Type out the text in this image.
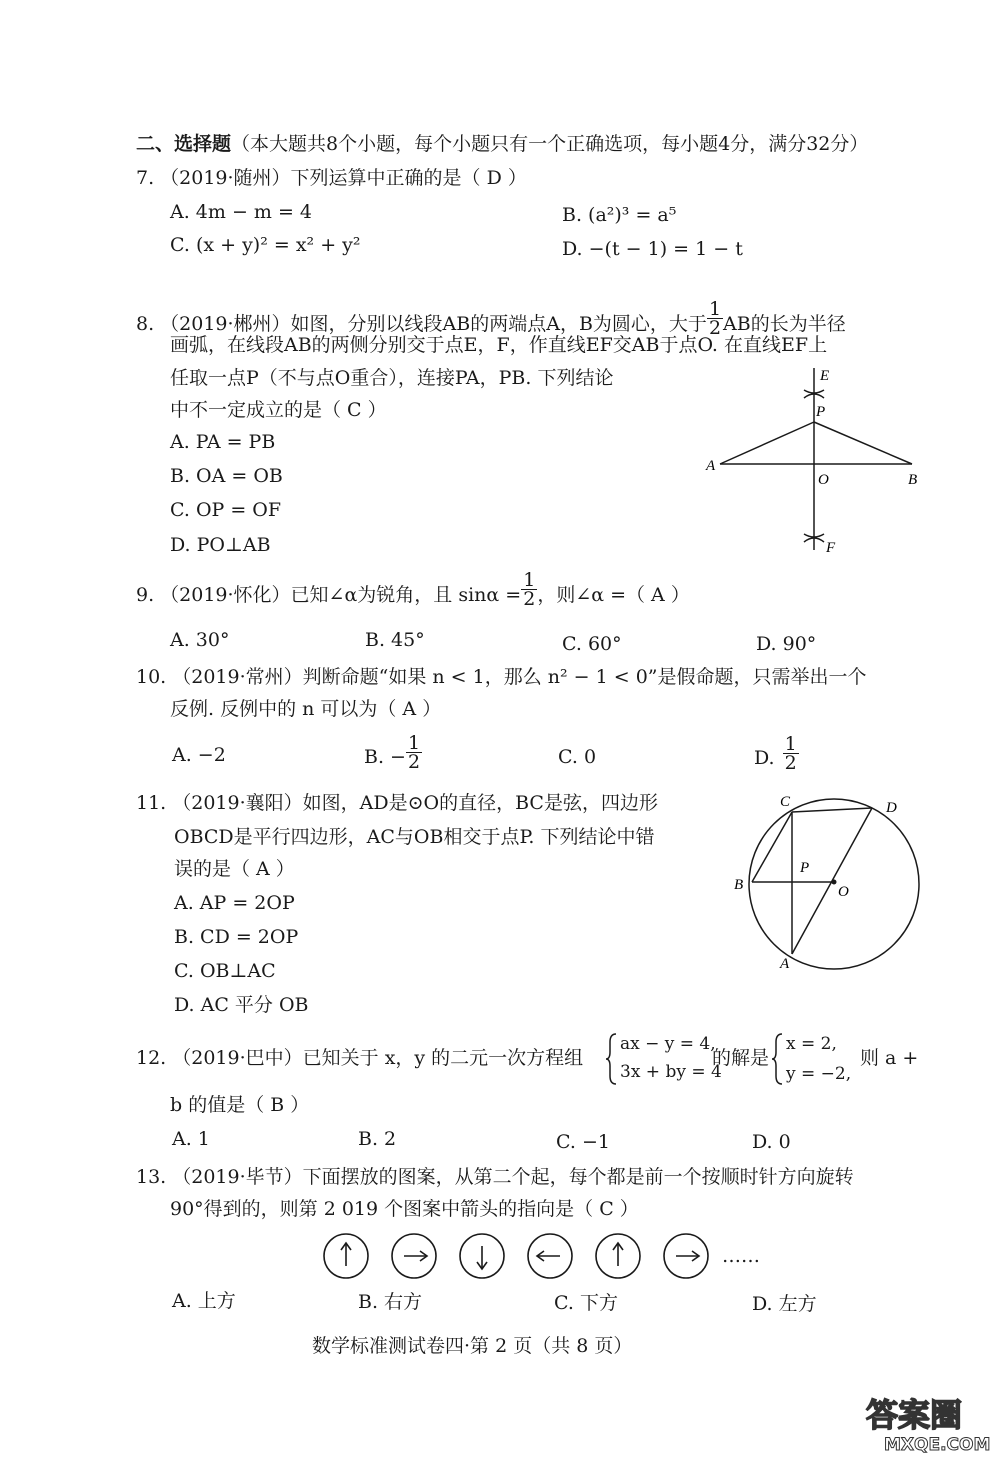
二、选择题（本大题共8个小题，每个小题只有一个正确选项，每小题4分，满分32分）
7. （2019·随州）下列运算中正确的是（ D ）
A. 4m − m = 4	B. (a²)³ = a⁵
C. (x + y)² = x² + y²	D. −(t − 1) = 1 − t
8. （2019·郴州）如图，分别以线段AB的两端点A，B为圆心，大于 $\frac{1}{2}$ AB的长为半径
画弧，在线段AB的两侧分别交于点E，F，作直线EF交AB于点O. 在直线EF上
任取一点P（不与点O重合），连接PA，PB. 下列结论
中不一定成立的是（ C ）
A. PA = PB
B. OA = OB
C. OP = OF
D. PO⊥AB
E
P
A
O	B
F
9. （2019·怀化）已知∠α为锐角，且 $\sin\alpha = \frac{1}{2}$ ，则∠α =（ A ）
A. 30°	B. 45°	C. 60°	D. 90°
10. （2019·常州）判断命题“如果 n < 1，那么 n² − 1 < 0”是假命题，只需举出一个
反例. 反例中的 n 可以为（ A ）
A. −2	B. − $\frac{1}{2}$	C. 0	D. $\frac{1}{2}$
11. （2019·襄阳）如图，AD是⊙O的直径，BC是弦，四边形
OBCD是平行四边形，AC与OB相交于点P. 下列结论中错
误的是（ A ）
A. AP = 2OP
B. CD = 2OP
C. OB⊥AC
D. AC 平分 OB
C	D
P
B	O
A
12. （2019·巴中）已知关于 x，y 的二元一次方程组
ax − y = 4,
3x + by = 4
的解是
x = 2,
y = −2,
则 a +
b 的值是（ B ）
A. 1	B. 2	C. −1	D. 0
13. （2019·毕节）下面摆放的图案，从第二个起，每个都是前一个按顺时针方向旋转
90°得到的，则第 2 019 个图案中箭头的指向是（ C ）
……
A. 上方	B. 右方	C. 下方	D. 左方
数学标准测试卷四·第 2 页（共 8 页）
答案圈
MXQE.COM
